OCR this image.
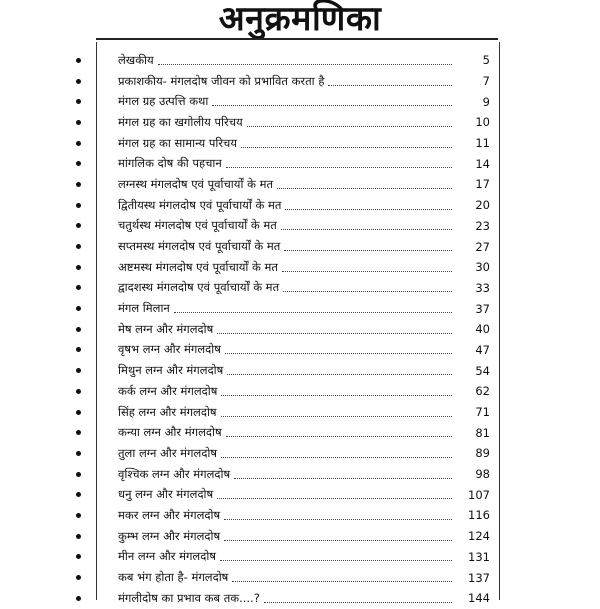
अनुक्रमणिका
लेखकीय	5
प्रकाशकीय- मंगलदोष जीवन को प्रभावित करता है	7
मंगल ग्रह उत्पत्ति कथा	9
मंगल ग्रह का खगोलीय परिचय	10
मंगल ग्रह का सामान्य परिचय	11
मांगलिक दोष की पहचान	14
लग्नस्थ मंगलदोष एवं पूर्वाचार्यों के मत	17
द्वितीयस्थ मंगलदोष एवं पूर्वाचार्यों के मत	20
चतुर्थस्थ मंगलदोष एवं पूर्वाचार्यों के मत	23
सप्तमस्थ मंगलदोष एवं पूर्वाचार्यों के मत	27
अष्टमस्थ मंगलदोष एवं पूर्वाचार्यों के मत	30
द्वादशस्थ मंगलदोष एवं पूर्वाचार्यों के मत	33
मंगल मिलान	37
मेष लग्न और मंगलदोष	40
वृषभ लग्न और मंगलदोष	47
मिथुन लग्न और मंगलदोष	54
कर्क लग्न और मंगलदोष	62
सिंह लग्न और मंगलदोष	71
कन्या लग्न और मंगलदोष	81
तुला लग्न और मंगलदोष	89
वृश्चिक लग्न और मंगलदोष	98
धनु लग्न और मंगलदोष	107
मकर लग्न और मंगलदोष	116
कुम्भ लग्न और मंगलदोष	124
मीन लग्न और मंगलदोष	131
कब भंग होता है- मंगलदोष	137
मंगलीदोष का प्रभाव कब तक....?	144
